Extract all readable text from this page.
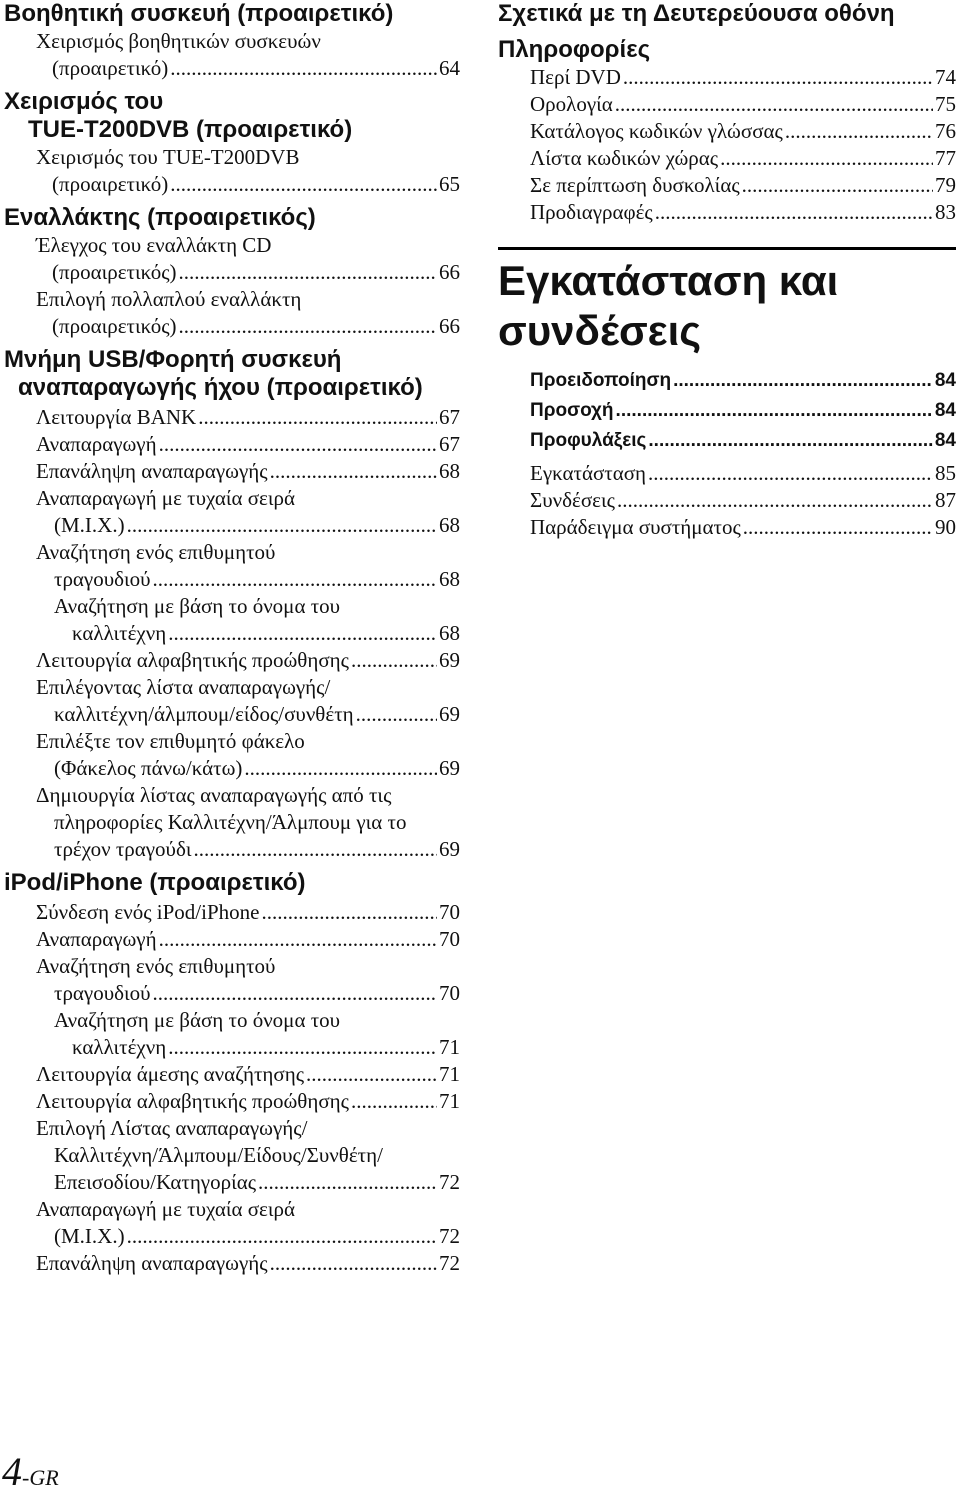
Βοηθητική συσκευή (προαιρετικό)
Χειρισμός βοηθητικών συσκευών
(προαιρετικό) .....	64
Χειρισμός του
TUE-T200DVB (προαιρετικό)
Χειρισμός του TUE-T200DVB
(προαιρετικό) .....	65
Εναλλάκτης (προαιρετικός)
Έλεγχος του εναλλάκτη CD
(προαιρετικός) .....	66
Επιλογή πολλαπλού εναλλάκτη
(προαιρετικός) .....	66
Μνήμη USB/Φορητή συσκευή
αναπαραγωγής ήχου (προαιρετικό)
Λειτουργία BANK .....	67
Αναπαραγωγή .....	67
Επανάληψη αναπαραγωγής .....	68
Αναπαραγωγή με τυχαία σειρά
(M.I.X.) .....	68
Αναζήτηση ενός επιθυμητού
τραγουδιού .....	68
Αναζήτηση με βάση το όνομα του
καλλιτέχνη .....	68
Λειτουργία αλφαβητικής προώθησης .....	69
Επιλέγοντας λίστα αναπαραγωγής/
καλλιτέχνη/άλμπουμ/είδος/συνθέτη .....	69
Επιλέξτε τον επιθυμητό φάκελο
(Φάκελος πάνω/κάτω) .....	69
Δημιουργία λίστας αναπαραγωγής από τις
πληροφορίες Καλλιτέχνη/Άλμπουμ για το
τρέχον τραγούδι .....	69
iPod/iPhone (προαιρετικό)
Σύνδεση ενός iPod/iPhone .....	70
Αναπαραγωγή .....	70
Αναζήτηση ενός επιθυμητού
τραγουδιού .....	70
Αναζήτηση με βάση το όνομα του
καλλιτέχνη .....	71
Λειτουργία άμεσης αναζήτησης .....	71
Λειτουργία αλφαβητικής προώθησης .....	71
Επιλογή Λίστας αναπαραγωγής/
Καλλιτέχνη/Άλμπουμ/Είδους/Συνθέτη/
Επεισοδίου/Κατηγορίας .....	72
Αναπαραγωγή με τυχαία σειρά
(M.I.X.) .....	72
Επανάληψη αναπαραγωγής .....	72
Σχετικά με τη Δευτερεύουσα οθόνη
Πληροφορίες
Περί DVD .....	74
Ορολογία .....	75
Κατάλογος κωδικών γλώσσας .....	76
Λίστα κωδικών χώρας .....	77
Σε περίπτωση δυσκολίας .....	79
Προδιαγραφές .....	83
Εγκατάσταση και
συνδέσεις
Προειδοποίηση .....	84
Προσοχή .....	84
Προφυλάξεις .....	84
Εγκατάσταση .....	85
Συνδέσεις .....	87
Παράδειγμα συστήματος .....	90
4-GR
